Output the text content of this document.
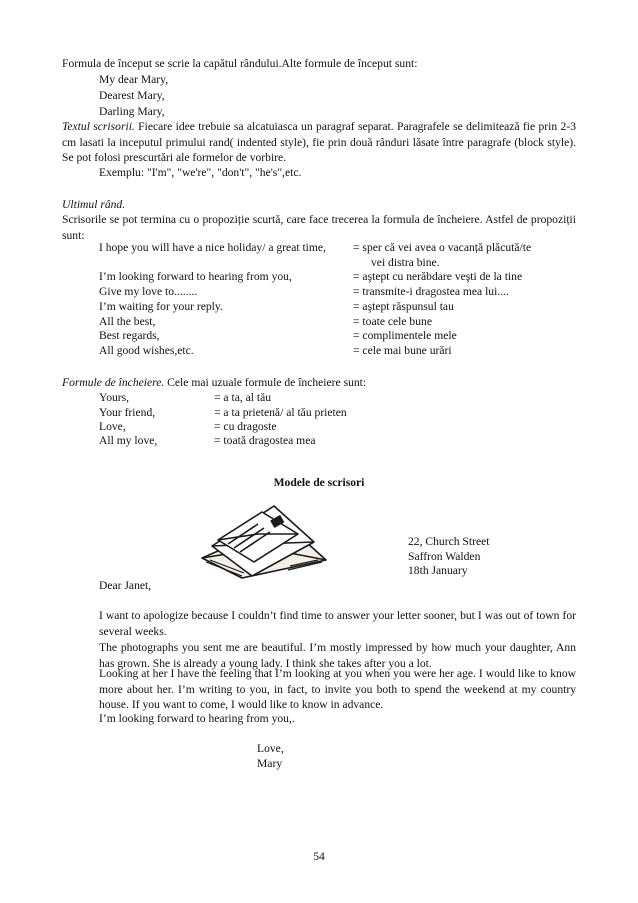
Formula de început se scrie la capătul rândului.Alte formule de început sunt:
My dear Mary,
Dearest Mary,
Darling Mary,
Textul scrisorii. Fiecare idee trebuie sa alcatuiasca un paragraf separat. Paragrafele se delimitează fie prin 2-3 cm lasati la inceputul primului rand( indented style), fie prin două rânduri lăsate între paragrafe (block style). Se pot folosi prescurtări ale formelor de vorbire.
Exemplu: "I'm", "we're", "don't", "he's",etc.
Ultimul rând.
Scrisorile se pot termina cu o propoziție scurtă, care face trecerea la formula de încheiere. Astfel de propoziții sunt:
I hope you will have a nice holiday/ a great time, = sper că vei avea o vacanță plăcută/te
vei distra bine.
I’m looking forward to hearing from you,	= aştept cu nerăbdare veşti de la tine
Give my love to........	= transmite-i dragostea mea lui....
I’m waiting for your reply.	= aştept răspunsul tau
All the best,	= toate cele bune
Best regards,	= complimentele mele
All good wishes,etc.	= cele mai bune urări
Formule de încheiere. Cele mai uzuale formule de încheiere sunt:
Yours,	= a ta, al tău
Your friend,	= a ta prietenă/ al tău prieten
Love,	= cu dragoste
All my love,	= toată dragostea mea
Modele de scrisori
22, Church Street
Saffron Walden
18th January
Dear Janet,
I want to apologize because I couldn’t find time to answer your letter sooner, but I was out of town for several weeks.
The photographs you sent me are beautiful. I’m mostly impressed by how much your daughter, Ann has grown. She is already a young lady. I think she takes after you a lot.
Looking at her I have the feeling that I’m looking at you when you were her age. I would like to know more about her. I’m writing to you, in fact, to invite you both to spend the weekend at my country house. If you want to come, I would like to know in advance.
I’m looking forward to hearing from you,.
Love,
Mary
54
